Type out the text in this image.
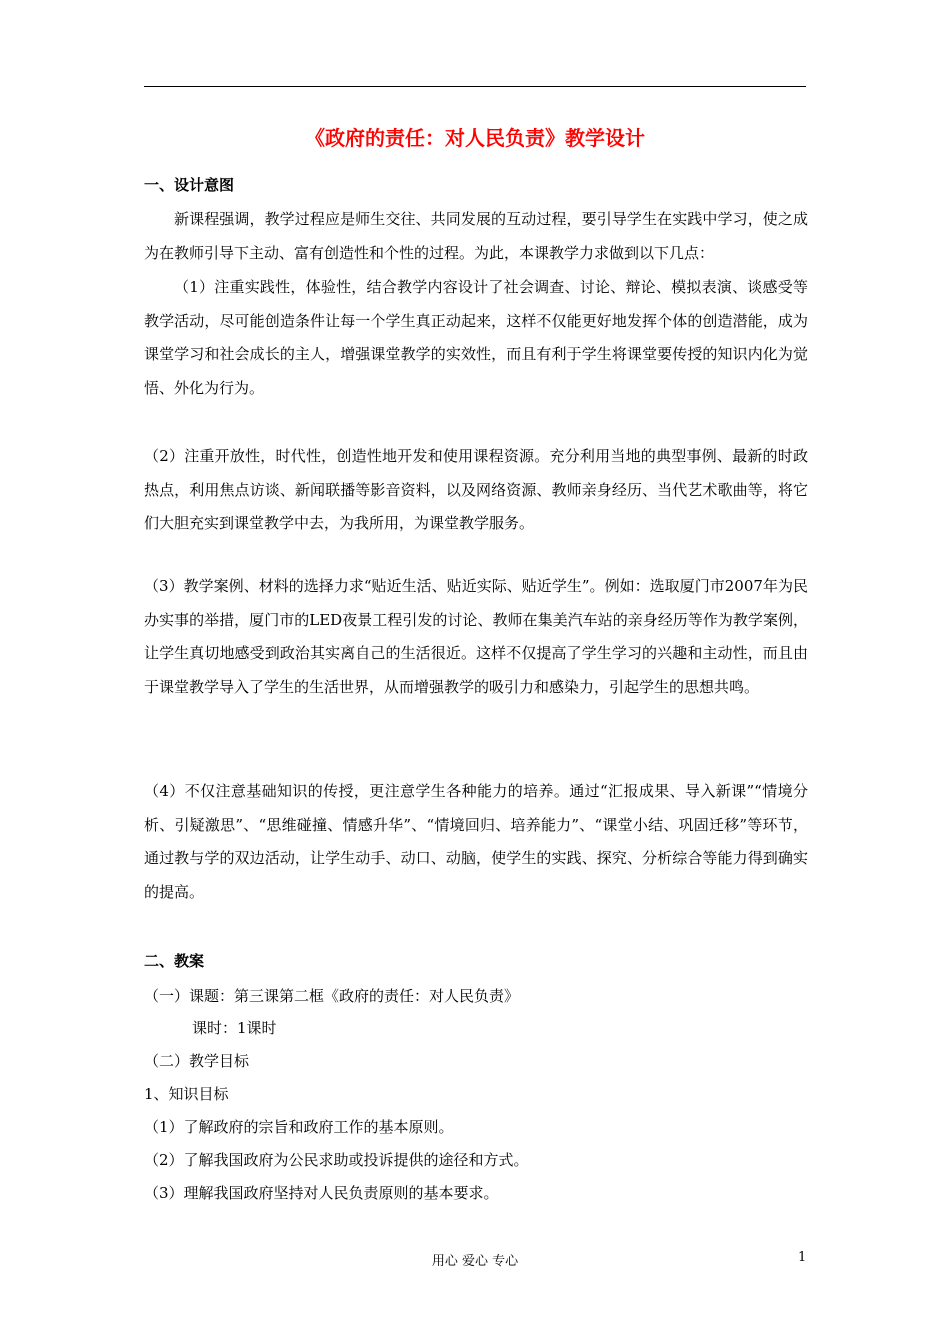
《政府的责任：对人民负责》教学设计
一、设计意图

新课程强调，教学过程应是师生交往、共同发展的互动过程，要引导学生在实践中学习，使之成为在教师引导下主动、富有创造性和个性的过程。为此，本课教学力求做到以下几点：

（1）注重实践性，体验性，结合教学内容设计了社会调查、讨论、辩论、模拟表演、谈感受等教学活动，尽可能创造条件让每一个学生真正动起来，这样不仅能更好地发挥个体的创造潜能，成为课堂学习和社会成长的主人，增强课堂教学的实效性，而且有利于学生将课堂要传授的知识内化为觉悟、外化为行为。

（2）注重开放性，时代性，创造性地开发和使用课程资源。充分利用当地的典型事例、最新的时政热点，利用焦点访谈、新闻联播等影音资料，以及网络资源、教师亲身经历、当代艺术歌曲等，将它们大胆充实到课堂教学中去，为我所用，为课堂教学服务。

（3）教学案例、材料的选择力求“贴近生活、贴近实际、贴近学生”。例如：选取厦门市2007年为民办实事的举措，厦门市的LED夜景工程引发的讨论、教师在集美汽车站的亲身经历等作为教学案例，让学生真切地感受到政治其实离自己的生活很近。这样不仅提高了学生学习的兴趣和主动性，而且由于课堂教学导入了学生的生活世界，从而增强教学的吸引力和感染力，引起学生的思想共鸣。

（4）不仅注意基础知识的传授，更注意学生各种能力的培养。通过“汇报成果、导入新课”“情境分析、引疑激思”、“思维碰撞、情感升华”、“情境回归、培养能力”、“课堂小结、巩固迁移”等环节，通过教与学的双边活动，让学生动手、动口、动脑，使学生的实践、探究、分析综合等能力得到确实的提高。

二、教案
（一）课题：第三课第二框《政府的责任：对人民负责》
课时：1课时
（二）教学目标
1、知识目标
（1）了解政府的宗旨和政府工作的基本原则。
（2）了解我国政府为公民求助或投诉提供的途径和方式。
（3）理解我国政府坚持对人民负责原则的基本要求。
用心 爱心 专心	1
